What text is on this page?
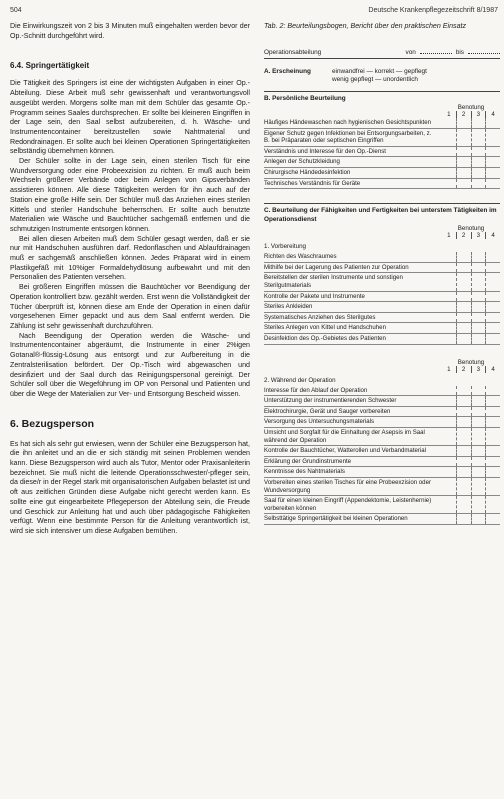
504	Deutsche Krankenpflegezeitschrift 8/1987

Die Einwirkungszeit von 2 bis 3 Minuten muß eingehalten werden bevor der Op.-Schnitt durchgeführt wird.

6.4. Springertätigkeit

Die Tätigkeit des Springers ist eine der wichtigsten Aufgaben in einer Op.-Abteilung. Diese Arbeit muß sehr gewissenhaft und verantwortungsvoll ausgeübt werden. Morgens sollte man mit dem Schüler das gesamte Op.-Programm seines Saales durchsprechen. Er sollte bei kleineren Eingriffen in der Lage sein, den Saal selbst aufzubereiten, d. h. Wäsche- und Instrumentencontainer bereitzustellen sowie Nahtmaterial und Redondrainagen. Er sollte auch bei kleinen Operationen Springertätigkeiten selbständig übernehmen können.

Der Schüler sollte in der Lage sein, einen sterilen Tisch für eine Wundversorgung oder eine Probeexzision zu richten. Er muß auch beim Wechseln größerer Verbände oder beim Anlegen von Gipsverbänden assistieren können. Alle diese Tätigkeiten werden für ihn auch auf der Station eine große Hilfe sein. Der Schüler muß das Anziehen eines sterilen Kittels und steriler Handschuhe beherrschen. Er sollte auch benutzte Materialien wie Wäsche und Bauchtücher sachgemäß entfernen und die schmutzigen Instrumente entsorgen können.

Bei allen diesen Arbeiten muß dem Schüler gesagt werden, daß er sie nur mit Handschuhen ausführen darf. Redonflaschen und Ablaufdrainagen muß er sachgemäß anschließen können. Jedes Präparat wird in einem Plastikgefäß mit 10%iger Formaldehydlösung aufbewahrt und mit den Personalien des Patienten versehen.

Bei größeren Eingriffen müssen die Bauchtücher vor Beendigung der Operation kontrolliert bzw. gezählt werden. Erst wenn die Vollständigkeit der Tücher überprüft ist, können diese am Ende der Operation in einen dafür vorgesehenen Eimer gepackt und aus dem Saal entfernt werden. Die Zählung ist sehr gewissenhaft durchzuführen.

Nach Beendigung der Operation werden die Wäsche- und Instrumentencontainer abgeräumt, die Instrumente in einer 2%igen Gotanal®-flüssig-Lösung aus entsorgt und zur Aufbereitung in die Zentralsterilisation befördert. Der Op.-Tisch wird abgewaschen und desinfiziert und der Saal durch das Reinigungspersonal gereinigt. Der Schüler soll über die Wegeführung im OP von Personal und Patienten und über die Wege der Materialien zur Ver- und Entsorgung Bescheid wissen.

6. Bezugsperson

Es hat sich als sehr gut erwiesen, wenn der Schüler eine Bezugsperson hat, die ihn anleitet und an die er sich ständig mit seinen Problemen wenden kann. Diese Bezugsperson wird auch als Tutor, Mentor oder Praxisanleiterin bezeichnet. Sie muß nicht die leitende Operationsschwester/-pfleger sein, da diese/r in der Regel stark mit organisatorischen Aufgaben belastet ist und oft aus zeitlichen Gründen diese Aufgabe nicht gerecht werden kann. Es sollte eine gut eingearbeitete Pflegeperson der Abteilung sein, die Freude und Geschick zur Anleitung hat und auch über pädagogische Fähigkeiten verfügt. Wenn eine bestimmte Person für die Anleitung verantwortlich ist, wird sie sich intensiver um diese Aufgaben bemühen.

Tab. 2: Beurteilungsbogen, Bericht über den praktischen Einsatz
Operationsabteilung	von	bis
A. Erscheinung	einwandfrei — korrekt — gepflegt
wenig gepflegt — unordentlich
B. Persönliche Beurteilung
Benotung
1	2	3	4
Häufiges Händewaschen nach hygienischen Gesichtspunkten
Eigener Schutz gegen Infektionen bei Entsorgungsarbeiten, z. B. bei Präparaten oder septischen Eingriffen
Verständnis und Interesse für den Op.-Dienst
Anlegen der Schutzkleidung
Chirurgische Händedesinfektion
Technisches Verständnis für Geräte
C. Beurteilung der Fähigkeiten und Fertigkeiten bei unterstem Tätigkeiten im Operationsdienst
Benotung
1	2	3	4
1. Vorbereitung
Richten des Waschraumes
Mithilfe bei der Lagerung des Patienten zur Operation
Bereitstellen der sterilen Instrumente und sonstigen Sterilgutmaterials
Kontrolle der Pakete und Instrumente
Steriles Ankleiden
Systematisches Anziehen des Sterilgutes
Steriles Anlegen von Kittel und Handschuhen
Desinfektion des Op.-Gebietes des Patienten
Benotung
1	2	3	4
2. Während der Operation
Interesse für den Ablauf der Operation
Unterstützung der instrumentierenden Schwester
Elektrochirurgie, Gerät und Sauger vorbereiten
Versorgung des Untersuchungsmaterials
Umsicht und Sorgfalt für die Einhaltung der Asepsis im Saal während der Operation
Kontrolle der Bauchtücher, Watterollen und Verbandmaterial
Erklärung der Grundinstrumente
Kenntnisse des Nahtmaterials
Vorbereiten eines sterilen Tisches für eine Probeexzision oder Wundversorgung
Saal für einen kleinen Eingriff (Appendektomie, Leistenhernie) vorbereiten können
Selbsttätige Springertätigkeit bei kleinen Operationen
